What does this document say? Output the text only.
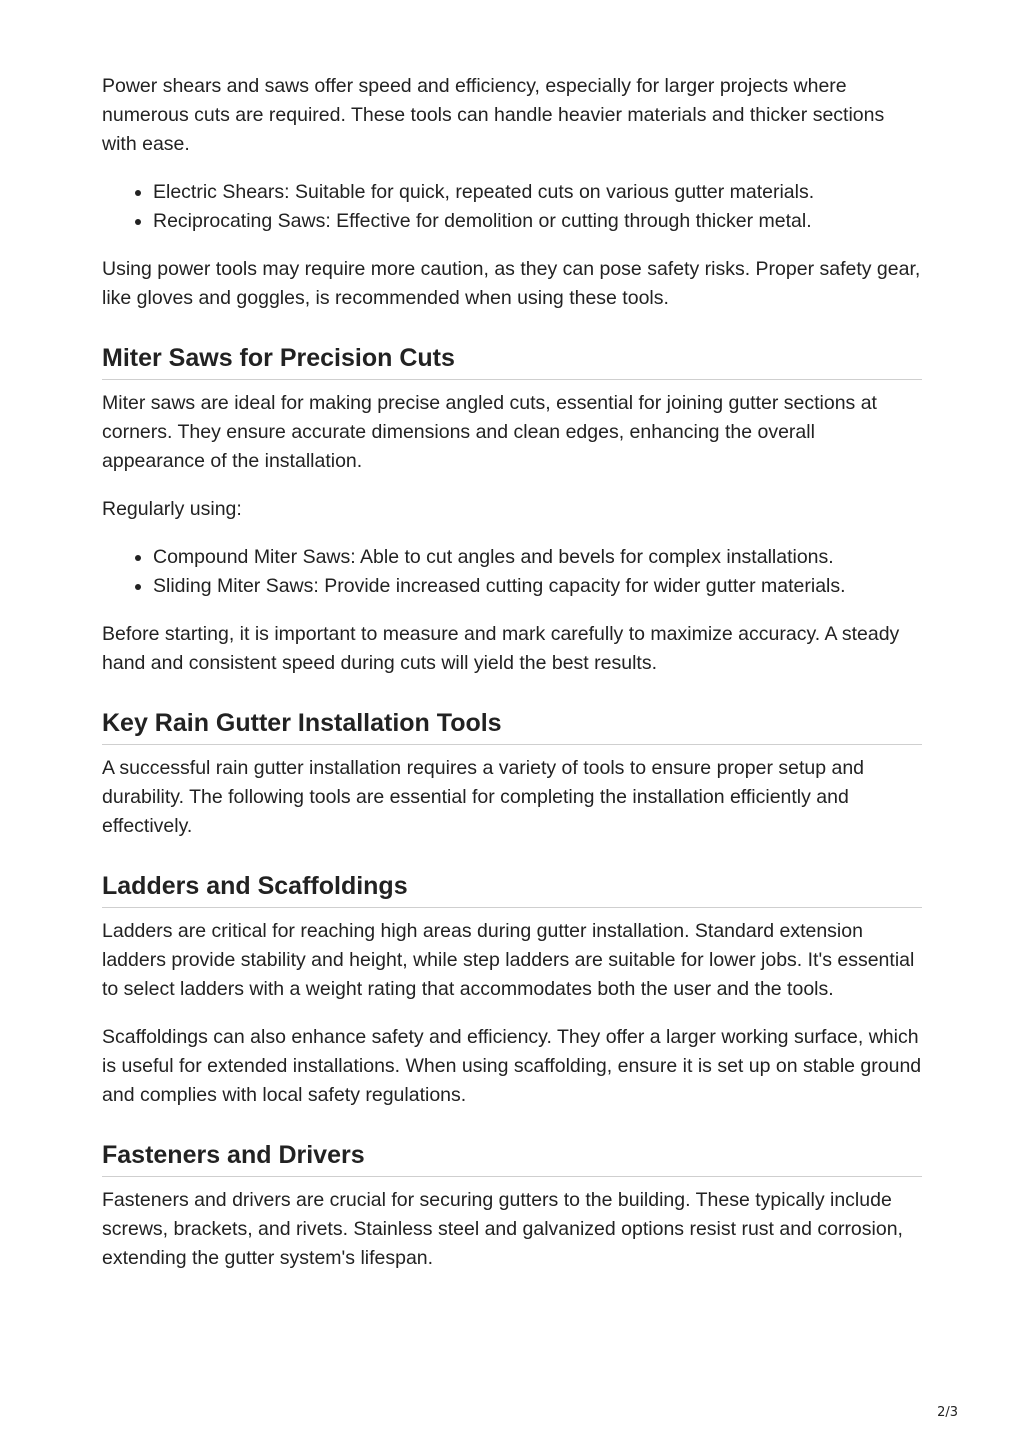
Power shears and saws offer speed and efficiency, especially for larger projects where numerous cuts are required. These tools can handle heavier materials and thicker sections with ease.

• Electric Shears: Suitable for quick, repeated cuts on various gutter materials.
• Reciprocating Saws: Effective for demolition or cutting through thicker metal.

Using power tools may require more caution, as they can pose safety risks. Proper safety gear, like gloves and goggles, is recommended when using these tools.

Miter Saws for Precision Cuts

Miter saws are ideal for making precise angled cuts, essential for joining gutter sections at corners. They ensure accurate dimensions and clean edges, enhancing the overall appearance of the installation.

Regularly using:

• Compound Miter Saws: Able to cut angles and bevels for complex installations.
• Sliding Miter Saws: Provide increased cutting capacity for wider gutter materials.

Before starting, it is important to measure and mark carefully to maximize accuracy. A steady hand and consistent speed during cuts will yield the best results.

Key Rain Gutter Installation Tools

A successful rain gutter installation requires a variety of tools to ensure proper setup and durability. The following tools are essential for completing the installation efficiently and effectively.

Ladders and Scaffoldings

Ladders are critical for reaching high areas during gutter installation. Standard extension ladders provide stability and height, while step ladders are suitable for lower jobs. It's essential to select ladders with a weight rating that accommodates both the user and the tools.

Scaffoldings can also enhance safety and efficiency. They offer a larger working surface, which is useful for extended installations. When using scaffolding, ensure it is set up on stable ground and complies with local safety regulations.

Fasteners and Drivers

Fasteners and drivers are crucial for securing gutters to the building. These typically include screws, brackets, and rivets. Stainless steel and galvanized options resist rust and corrosion, extending the gutter system's lifespan.

2/3
